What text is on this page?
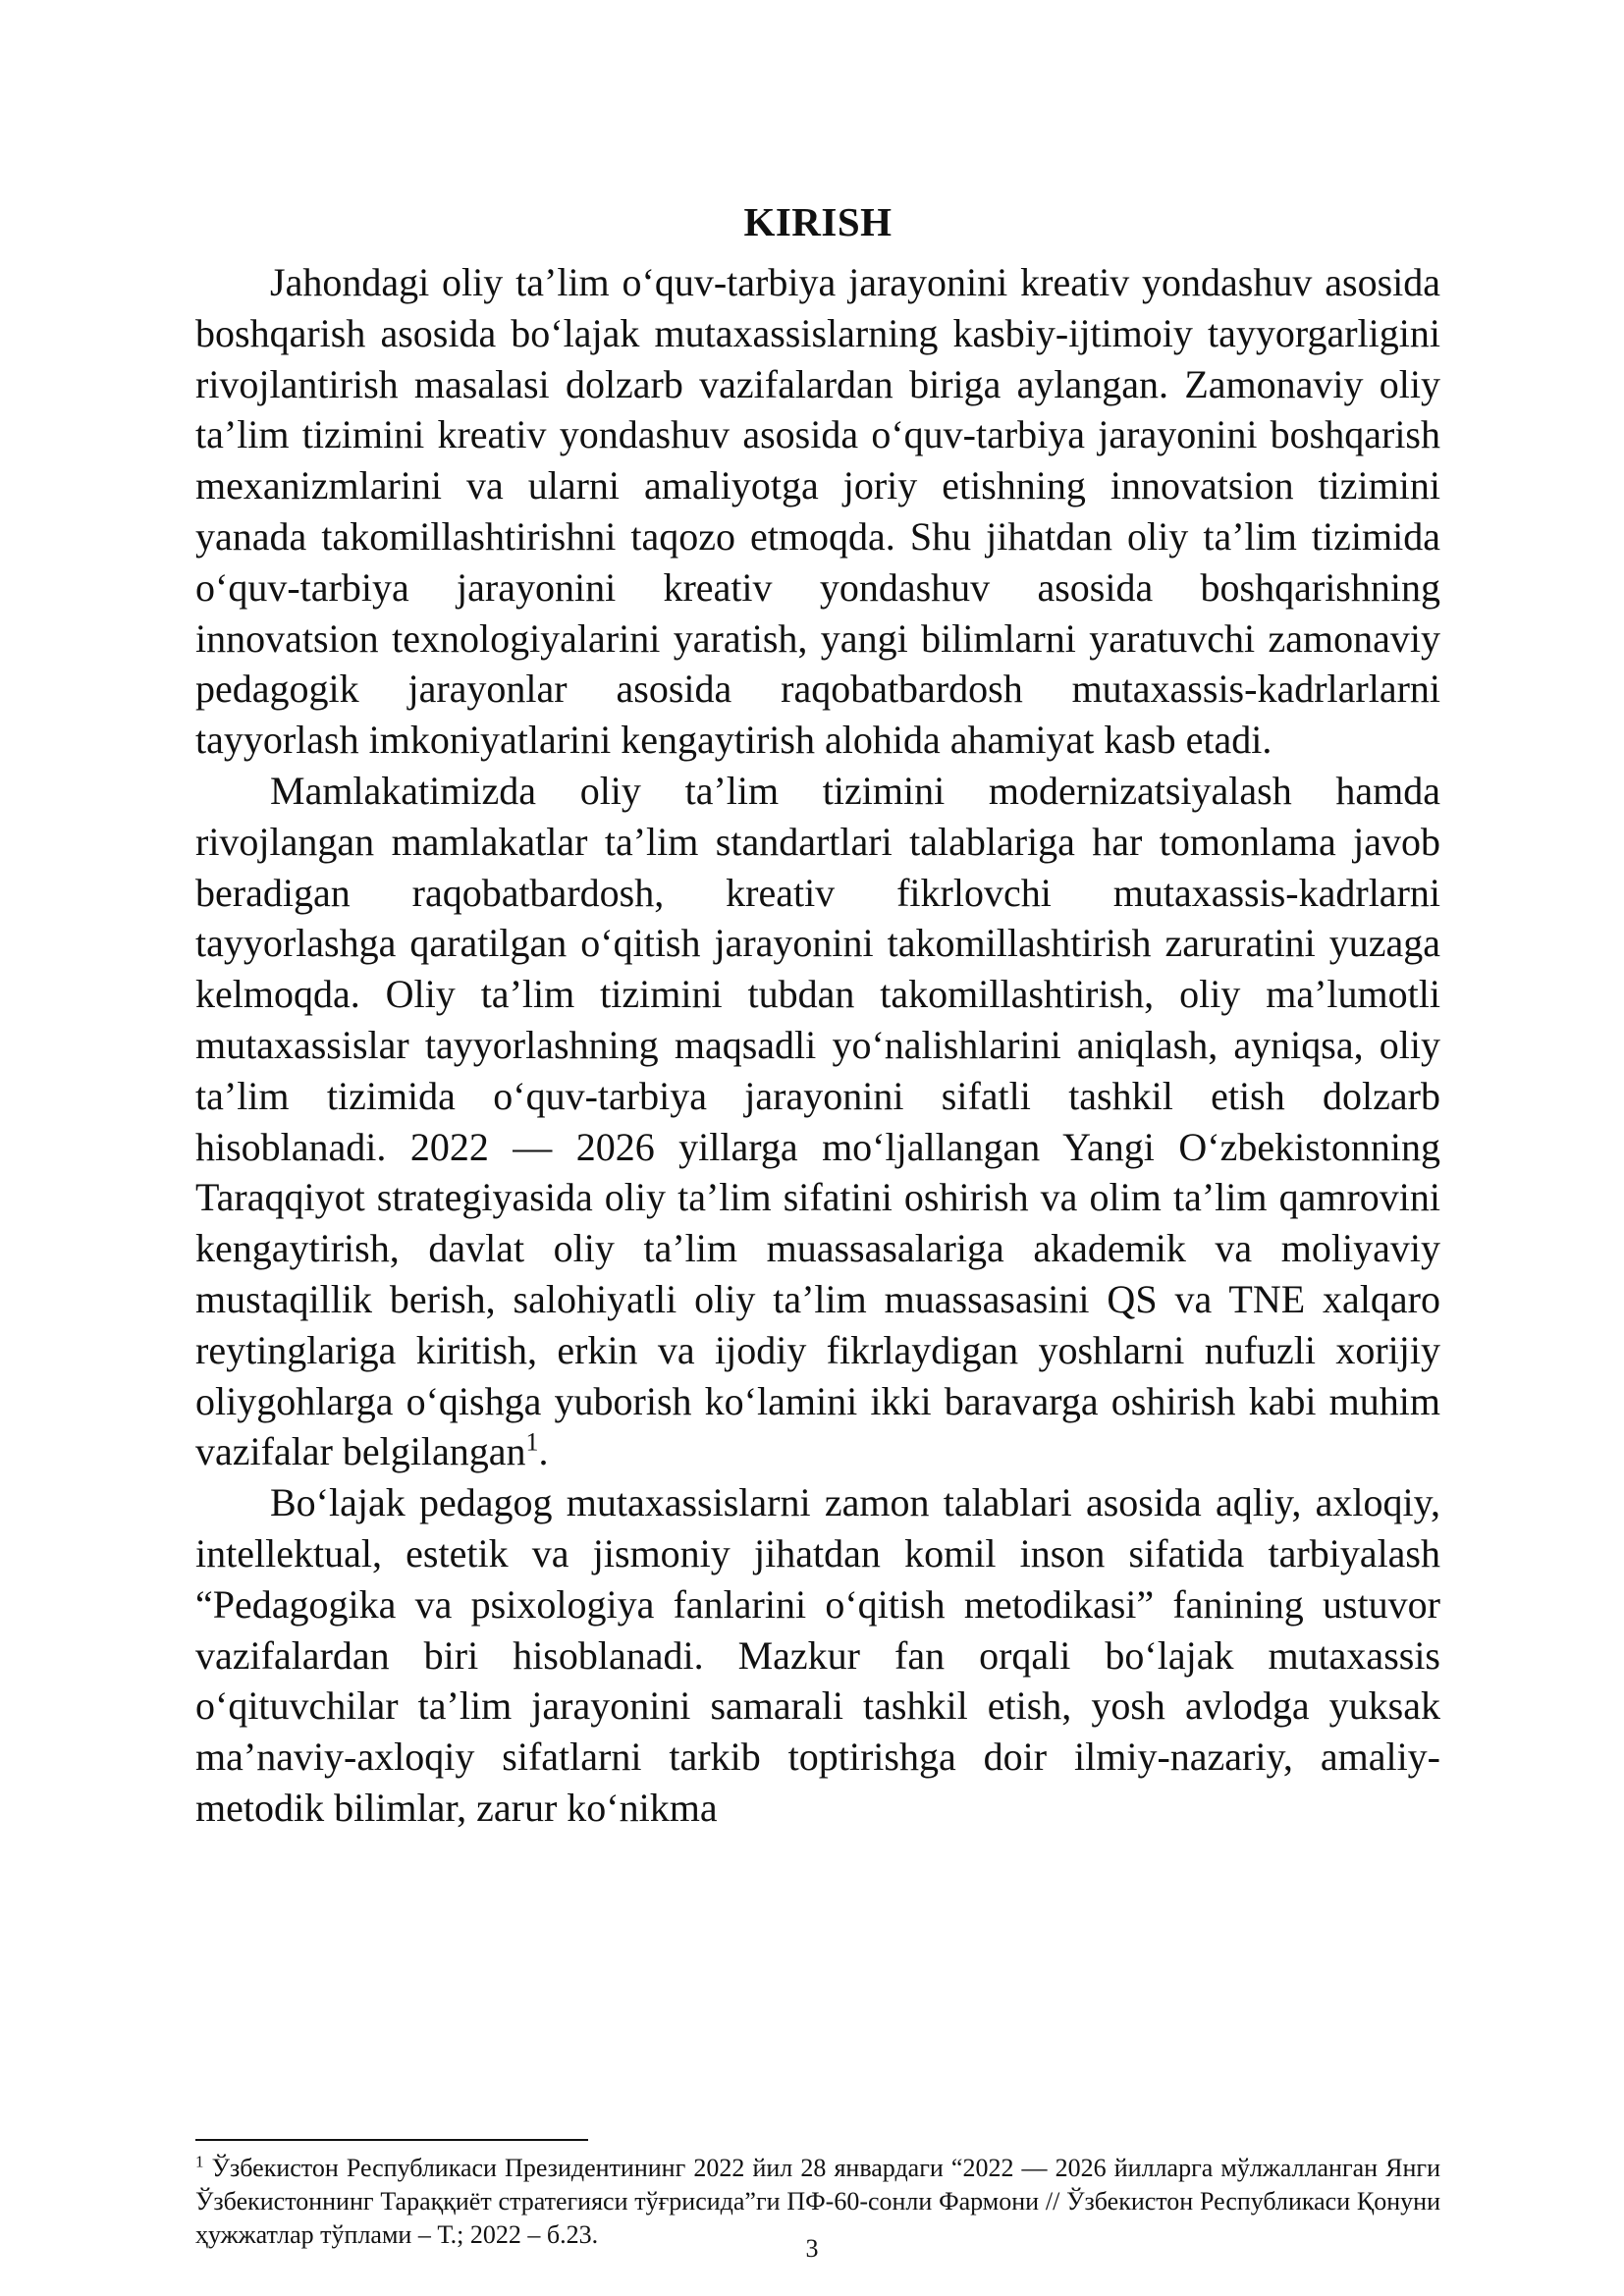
KIRISH

Jahondagi oliy ta’lim o‘quv-tarbiya jarayonini kreativ yondashuv asosida boshqarish asosida bo‘lajak mutaxassislarning kasbiy-ijtimoiy tayyorgarligini rivojlantirish masalasi dolzarb vazifalardan biriga aylangan. Zamonaviy oliy ta’lim tizimini kreativ yondashuv asosida o‘quv-tarbiya jarayonini boshqarish mexanizmlarini va ularni amaliyotga joriy etishning innovatsion tizimini yanada takomillashtirishni taqozo etmoqda. Shu jihatdan oliy ta’lim tizimida o‘quv-tarbiya jarayonini kreativ yondashuv asosida boshqarishning innovatsion texnologiyalarini yaratish, yangi bilimlarni yaratuvchi zamonaviy pedagogik jarayonlar asosida raqobatbardosh mutaxassis-kadrlarlarni tayyorlash imkoniyatlarini kengaytirish alohida ahamiyat kasb etadi.

Mamlakatimizda oliy ta’lim tizimini modernizatsiyalash hamda rivojlangan mamlakatlar ta’lim standartlari talablariga har tomonlama javob beradigan raqobatbardosh, kreativ fikrlovchi mutaxassis-kadrlarni tayyorlashga qaratilgan o‘qitish jarayonini takomillashtirish zaruratini yuzaga kelmoqda. Oliy ta’lim tizimini tubdan takomillashtirish, oliy ma’lumotli mutaxassislar tayyorlashning maqsadli yo‘nalishlarini aniqlash, ayniqsa, oliy ta’lim tizimida o‘quv-tarbiya jarayonini sifatli tashkil etish dolzarb hisoblanadi. 2022 — 2026 yillarga mo‘ljallangan Yangi O‘zbekistonning Taraqqiyot strategiyasida oliy ta’lim sifatini oshirish va olim ta’lim qamrovini kengaytirish, davlat oliy ta’lim muassasalariga akademik va moliyaviy mustaqillik berish, salohiyatli oliy ta’lim muassasasini QS va TNE xalqaro reytinglariga kiritish, erkin va ijodiy fikrlaydigan yoshlarni nufuzli xorijiy oliygohlarga o‘qishga yuborish ko‘lamini ikki baravarga oshirish kabi muhim vazifalar belgilangan$^1$.

Bo‘lajak pedagog mutaxassislarni zamon talablari asosida aqliy, axloqiy, intellektual, estetik va jismoniy jihatdan komil inson sifatida tarbiyalash “Pedagogika va psixologiya fanlarini o‘qitish metodikasi” fanining ustuvor vazifalardan biri hisoblanadi. Mazkur fan orqali bo‘lajak mutaxassis o‘qituvchilar ta’lim jarayonini samarali tashkil etish, yosh avlodga yuksak ma’naviy-axloqiy sifatlarni tarkib toptirishga doir ilmiy-nazariy, amaliy-metodik bilimlar, zarur ko‘nikma

$^1$ Ўзбекистон Республикаси Президентининг 2022 йил 28 январдаги “2022 — 2026 йилларга мўлжалланган Янги Ўзбекистоннинг Тараққиёт стратегияси тўғрисида”ги ПФ-60-сонли Фармони // Ўзбекистон Республикаси Қонуни ҳужжатлар тўплами – Т.; 2022 – б.23.	3
